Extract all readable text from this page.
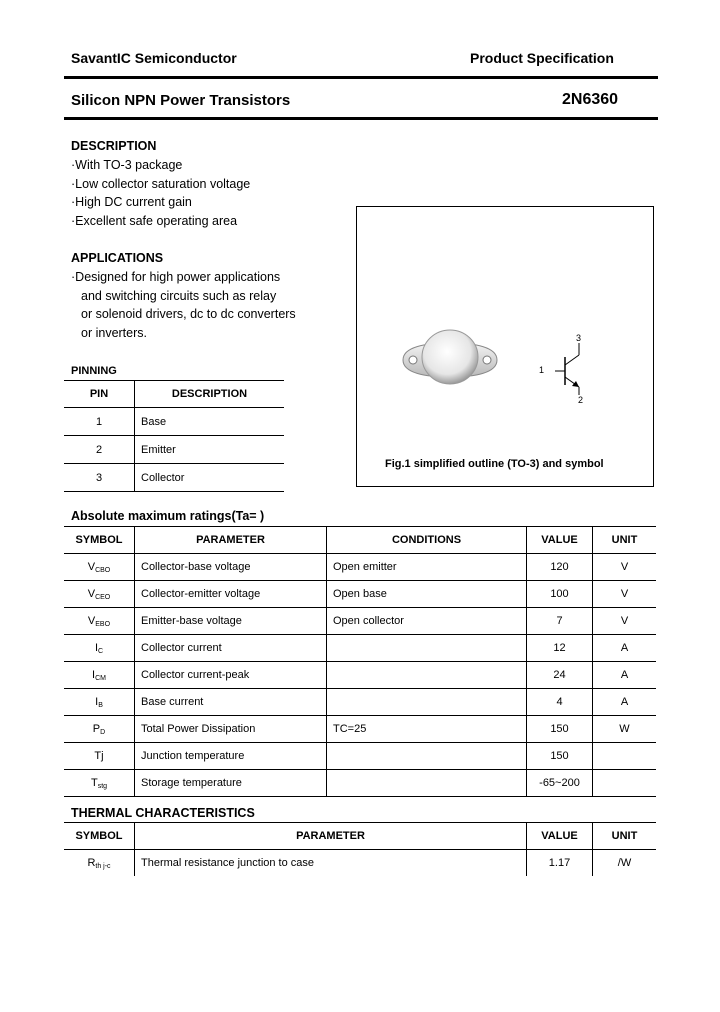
SavantIC Semiconductor	Product Specification
Silicon NPN Power Transistors	2N6360
DESCRIPTION
·With TO-3 package
·Low collector saturation voltage
·High DC current gain
·Excellent safe operating area
APPLICATIONS
·Designed for high power applications
and switching circuits such as relay
or solenoid drivers, dc to dc converters
or inverters.
PINNING
PIN	DESCRIPTION
1	Base
2	Emitter
3	Collector
1
3
2
Fig.1 simplified outline (TO-3) and symbol
Absolute maximum ratings(Ta= )
SYMBOL	PARAMETER	CONDITIONS	VALUE	UNIT
$V_{CBO}$	Collector-base voltage	Open emitter	120	V
$V_{CEO}$	Collector-emitter voltage	Open base	100	V
$V_{EBO}$	Emitter-base voltage	Open collector	7	V
$I_C$	Collector current		12	A
$I_{CM}$	Collector current-peak		24	A
$I_B$	Base current		4	A
$P_D$	Total Power Dissipation	TC=25	150	W
Tj	Junction temperature		150	
$T_{stg}$	Storage temperature		-65~200	
THERMAL CHARACTERISTICS
SYMBOL	PARAMETER	VALUE	UNIT
$R_{th j-c}$	Thermal resistance junction to case	1.17	/W
